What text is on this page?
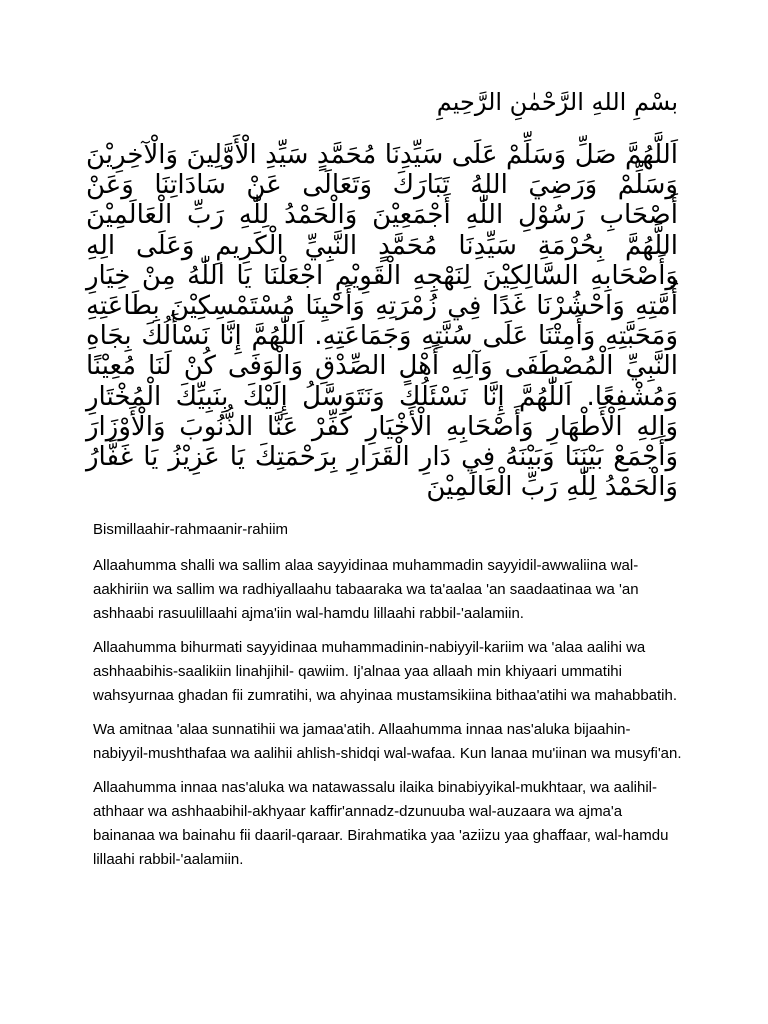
بسْمِ اللهِ الرَّحْمٰنِ الرَّحِيمِ
اَللَّهُمَّ صَلِّ وَسَلِّمْ عَلَى سَيِّدِنَا مُحَمَّدٍ سَيِّدِ الْأَوَّلِينَ وَالْآخِرِيْنَ وَسَلِّمْ وَرَضِيَ اللهُ تَبَارَكَ وَتَعَالَى عَنْ سَادَاتِنَا وَعَنْ أَصْحَابِ رَسُوْلِ اللّٰهِ أَجْمَعِيْنَ وَالْحَمْدُ لِلّٰهِ رَبِّ الْعَالَمِيْنَ اللَّهُمَّ بِحُرْمَةِ سَيِّدِنَا مُحَمَّدٍ النَّبِيِّ الْكَرِيمِ وَعَلَى الِهِ وَأَصْحَابِهِ السَّالِكِيْنَ لِنَهْجِهِ الْقَوِيْمِ اجْعَلْنَا يَا اللّٰهُ مِنْ خِيَارِ أُمَّتِهِ وَاحْشُرْنَا غَدًا فِي زُمْرَتِهِ وَأَحْيِنَا مُسْتَمْسِكِيْنَ بِطَاعَتِهِ وَمَحَبَّتِهِ وَأَمِتْنَا عَلَى سُنَّتِهِ وَجَمَاعَتِهِ. اَللّٰهُمَّ إِنَّا نَسْأَلُكَ بِجَاهِ النَّبِيِّ الْمُصْطَفَى وَآلِهِ أَهْلِ الصِّدْقِ وَالْوَفَى كُنْ لَنَا مُعِيْنًا وَمُشْفِعًا. اَللّٰهُمَّ إِنَّا نَسْئَلُكَ وَنَتَوَسَّلُ إِلَيْكَ بِنَبِيِّكَ الْمُخْتَارِ وَالِهِ الْأَطْهَارِ وَأَصْحَابِهِ الْأَخْيَارِ كَفِّرْ عَنَّا الذُّنُوبَ وَالْأَوْزَارَ وَأَجْمَعْ بَيْنَنَا وَبَيْنَهُ فِي دَارِ الْقَرَارِ بِرَحْمَتِكَ يَا عَزِيْزُ يَا غَفَّارُ وَالْحَمْدُ لِلّٰهِ رَبِّ الْعَالَمِيْنَ

Bismillaahir-rahmaanir-rahiim

Allaahumma shalli wa sallim alaa sayyidinaa muhammadin sayyidil-awwaliina wal-aakhiriin wa sallim wa radhiyallaahu tabaaraka wa ta'aalaa 'an saadaatinaa wa 'an ashhaabi rasuulillaahi ajma'iin wal-hamdu lillaahi rabbil-'aalamiin.

Allaahumma bihurmati sayyidinaa muhammadinin-nabiyyil-kariim wa 'alaa aalihi wa ashhaabihis-saalikiin linahjihil- qawiim. Ij'alnaa yaa allaah min khiyaari ummatihi wahsyurnaa ghadan fii zumratihi, wa ahyinaa mustamsikiina bithaa'atihi wa mahabbatih.

Wa amitnaa 'alaa sunnatihii wa jamaa'atih. Allaahumma innaa nas'aluka bijaahin-nabiyyil-mushthafaa wa aalihii ahlish-shidqi wal-wafaa. Kun lanaa mu'iinan wa musyfi'an.

Allaahumma innaa nas'aluka wa natawassalu ilaika binabiyyikal-mukhtaar, wa aalihil-athhaar wa ashhaabihil-akhyaar kaffir'annadz-dzunuuba wal-auzaara wa ajma'a bainanaa wa bainahu fii daaril-qaraar. Birahmatika yaa 'aziizu yaa ghaffaar, wal-hamdu lillaahi rabbil-'aalamiin.
